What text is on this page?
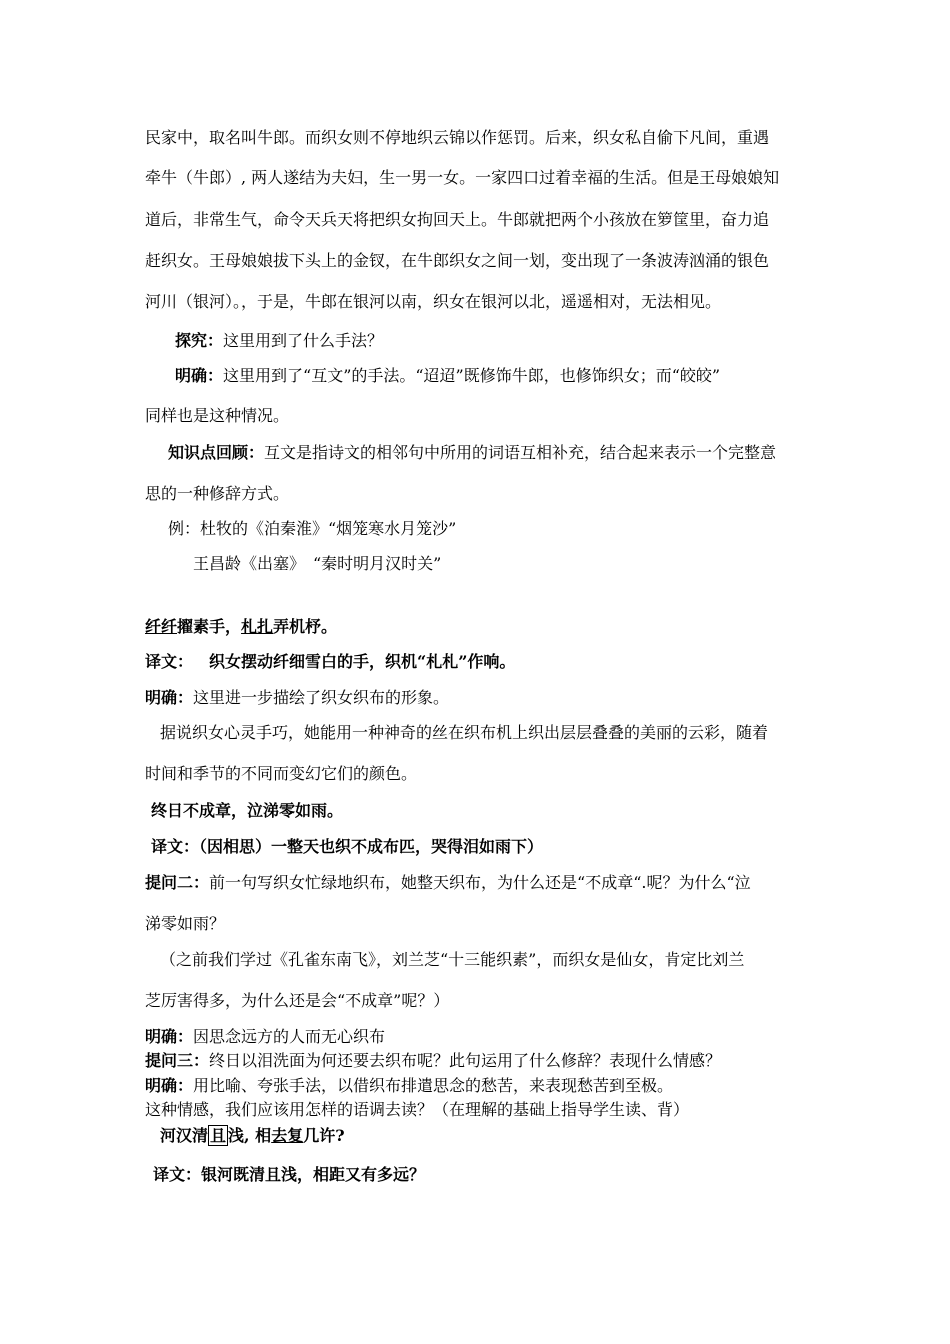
民家中，取名叫牛郎。而织女则不停地织云锦以作惩罚。后来，织女私自偷下凡间，重遇
牵牛（牛郎）, 两人遂结为夫妇，生一男一女。一家四口过着幸福的生活。但是王母娘娘知
道后，非常生气，命令天兵天将把织女拘回天上。牛郎就把两个小孩放在箩筐里，奋力追
赶织女。王母娘娘拔下头上的金钗，在牛郎织女之间一划，变出现了一条波涛汹涌的银色
河川（银河）。，于是，牛郎在银河以南，织女在银河以北，遥遥相对，无法相见。
探究：这里用到了什么手法？
明确：这里用到了“互文”的手法。“迢迢”既修饰牛郎，也修饰织女；而“皎皎”
同样也是这种情况。
知识点回顾：互文是指诗文的相邻句中所用的词语互相补充，结合起来表示一个完整意
思的一种修辞方式。
例：杜牧的《泊秦淮》“烟笼寒水月笼沙”
王昌龄《出塞》　“秦时明月汉时关”
纤纤擢素手，札扎弄机杼。
译文： 织女摆动纤细雪白的手，织机“札札”作响。
明确：这里进一步描绘了织女织布的形象。
据说织女心灵手巧，她能用一种神奇的丝在织布机上织出层层叠叠的美丽的云彩，随着
时间和季节的不同而变幻它们的颜色。
终日不成章，泣涕零如雨。
译文：（因相思）一整天也织不成布匹，哭得泪如雨下）
提问二：前一句写织女忙绿地织布，她整天织布，为什么还是“不成章“.呢？为什么“泣
涕零如雨？
（之前我们学过《孔雀东南飞》，刘兰芝“十三能织素”，而织女是仙女，肯定比刘兰
芝厉害得多，为什么还是会“不成章”呢？）
明确：因思念远方的人而无心织布
提问三：终日以泪洗面为何还要去织布呢？此句运用了什么修辞？表现什么情感？
明确：用比喻、夸张手法，以借织布排遣思念的愁苦，来表现愁苦到至极。
这种情感，我们应该用怎样的语调去读？（在理解的基础上指导学生读、背）
河汉清 且 浅, 相去复几许?
译文：银河既清且浅，相距又有多远？
